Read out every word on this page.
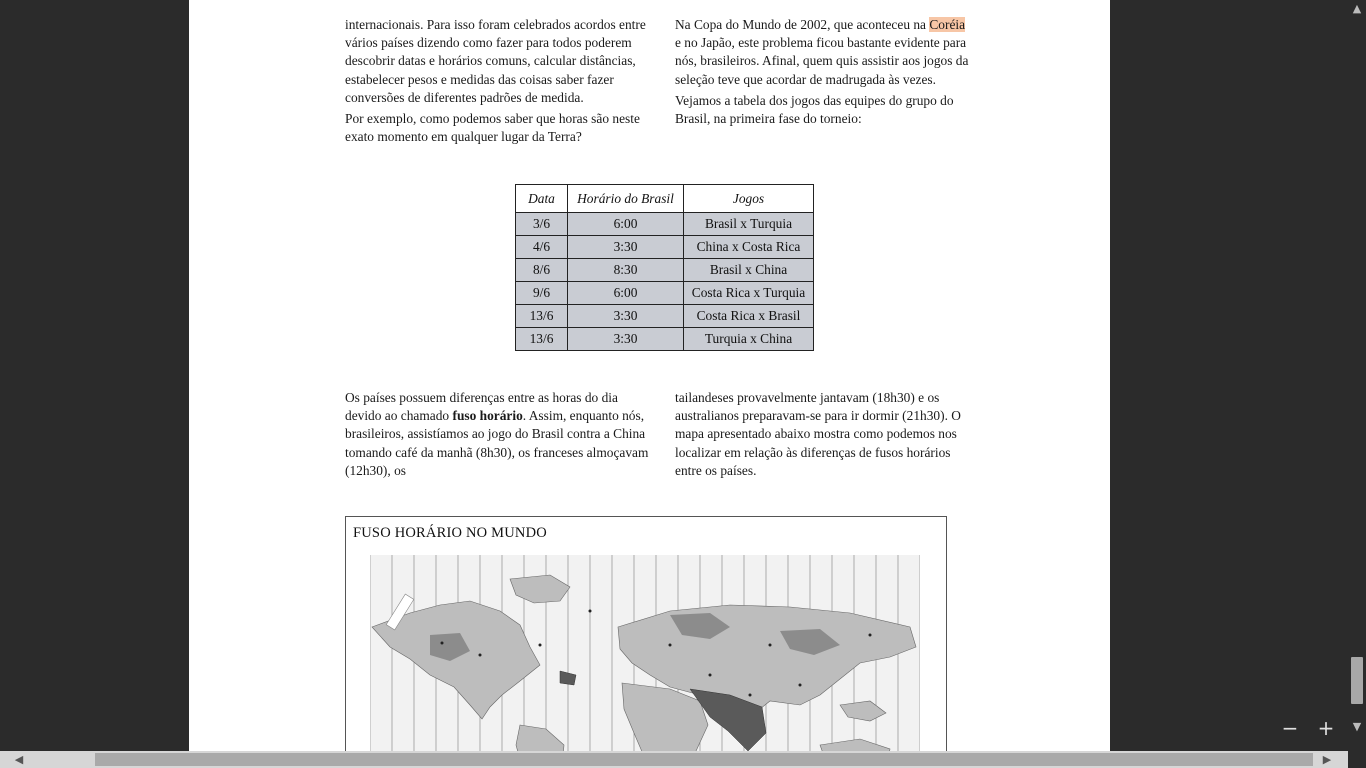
internacionais. Para isso foram celebrados acordos entre vários países dizendo como fazer para todos poderem descobrir datas e horários comuns, calcular distâncias, estabelecer pesos e medidas das coisas saber fazer conversões de diferentes padrões de medida.

Por exemplo, como podemos saber que horas são neste exato momento em qualquer lugar da Terra?

Na Copa do Mundo de 2002, que aconteceu na Coréia e no Japão, este problema ficou bastante evidente para nós, brasileiros. Afinal, quem quis assistir aos jogos da seleção teve que acordar de madrugada às vezes.

Vejamos a tabela dos jogos das equipes do grupo do Brasil, na primeira fase do torneio:

Data	Horário do Brasil	Jogos
3/6	6:00	Brasil x Turquia
4/6	3:30	China x Costa Rica
8/6	8:30	Brasil x China
9/6	6:00	Costa Rica x Turquia
13/6	3:30	Costa Rica x Brasil
13/6	3:30	Turquia x China

Os países possuem diferenças entre as horas do dia devido ao chamado fuso horário. Assim, enquanto nós, brasileiros, assistíamos ao jogo do Brasil contra a China tomando café da manhã (8h30), os franceses almoçavam (12h30), os

tailandeses provavelmente jantavam (18h30) e os australianos preparavam-se para ir dormir (21h30). O mapa apresentado abaixo mostra como podemos nos localizar em relação às diferenças de fusos horários entre os países.

FUSO HORÁRIO NO MUNDO
− +
▲
▼
◀	▶
